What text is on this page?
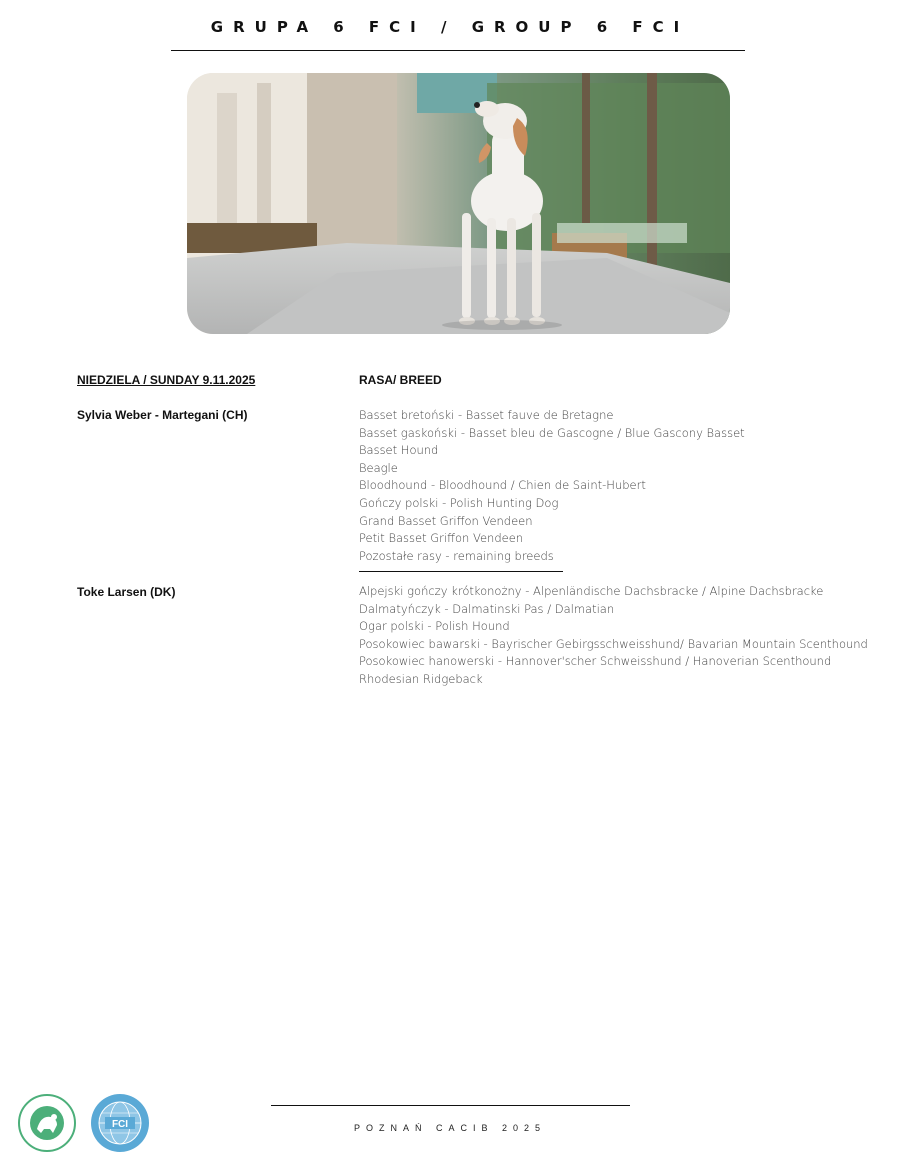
GRUPA 6 FCI / GROUP 6 FCI
NIEDZIELA / SUNDAY 9.11.2025	RASA/ BREED
Sylvia Weber - Martegani (CH)	Basset bretoński - Basset fauve de Bretagne
Basset gaskoński - Basset bleu de Gascogne / Blue Gascony Basset
Basset Hound
Beagle
Bloodhound - Bloodhound / Chien de Saint-Hubert
Gończy polski - Polish Hunting Dog
Grand Basset Griffon Vendeen
Petit Basset Griffon Vendeen
Pozostałe rasy - remaining breeds
Toke Larsen (DK)	Alpejski gończy krótkonożny - Alpenländische Dachsbracke / Alpine Dachsbracke
Dalmatyńczyk - Dalmatinski Pas / Dalmatian
Ogar polski - Polish Hound
Posokowiec bawarski - Bayrischer Gebirgsschweisshund/ Bavarian Mountain Scenthound
Posokowiec hanowerski - Hannover'scher Schweisshund / Hanoverian Scenthound
Rhodesian Ridgeback
POZNAŃ CACIB 2025
FCI
